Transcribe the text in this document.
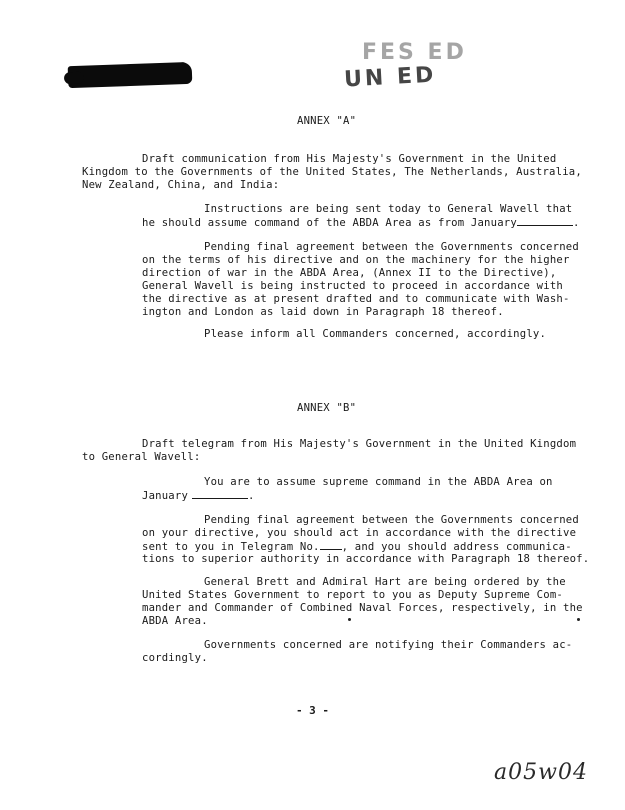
FES ED
UN ED
ANNEX "A"
Draft communication from His Majesty's Government in the United
Kingdom to the Governments of the United States, The Netherlands, Australia,
New Zealand, China, and India:
Instructions are being sent today to General Wavell that
he should assume command of the ABDA Area as from January	.
Pending final agreement between the Governments concerned
on the terms of his directive and on the machinery for the higher
direction of war in the ABDA Area, (Annex II to the Directive),
General Wavell is being instructed to proceed in accordance with
the directive as at present drafted and to communicate with Wash-
ington and London as laid down in Paragraph 18 thereof.
Please inform all Commanders concerned, accordingly.
ANNEX "B"
Draft telegram from His Majesty's Government in the United Kingdom
to General Wavell:
You are to assume supreme command in the ABDA Area on
January	.
Pending final agreement between the Governments concerned
on your directive, you should act in accordance with the directive
sent to you in Telegram No. , and you should address communica-
tions to superior authority in accordance with Paragraph 18 thereof.
General Brett and Admiral Hart are being ordered by the
United States Government to report to you as Deputy Supreme Com-
mander and Commander of Combined Naval Forces, respectively, in the
ABDA Area.
Governments concerned are notifying their Commanders ac-
cordingly.
- 3 -
a05w04
